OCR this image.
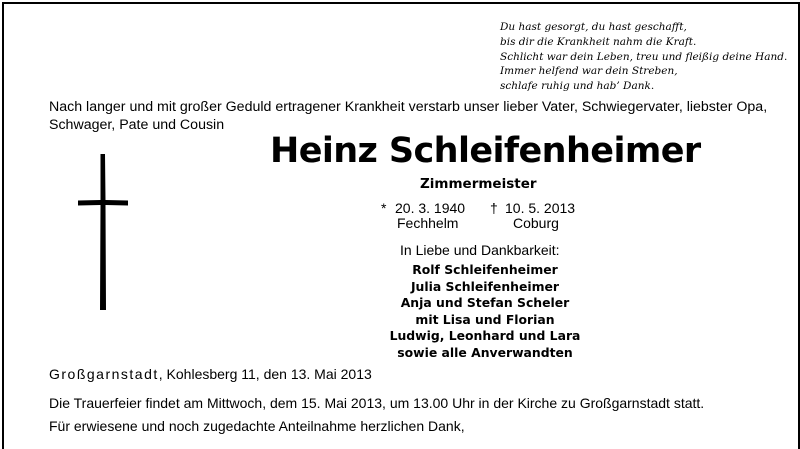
Du hast gesorgt, du hast geschafft,
bis dir die Krankheit nahm die Kraft.
Schlicht war dein Leben, treu und fleißig deine Hand.
Immer helfend war dein Streben,
schlafe ruhig und hab’ Dank.
Nach langer und mit großer Geduld ertragener Krankheit verstarb unser lieber Vater, Schwiegervater, liebster Opa,
Schwager, Pate und Cousin
Heinz Schleifenheimer
Zimmermeister
* 20. 3. 1940
Fechhelm
† 10. 5. 2013
Coburg
In Liebe und Dankbarkeit:
Rolf Schleifenheimer
Julia Schleifenheimer
Anja und Stefan Scheler
mit Lisa und Florian
Ludwig, Leonhard und Lara
sowie alle Anverwandten
Großgarnstadt, Kohlesberg 11, den 13. Mai 2013
Die Trauerfeier findet am Mittwoch, dem 15. Mai 2013, um 13.00 Uhr in der Kirche zu Großgarnstadt statt.
Für erwiesene und noch zugedachte Anteilnahme herzlichen Dank,
